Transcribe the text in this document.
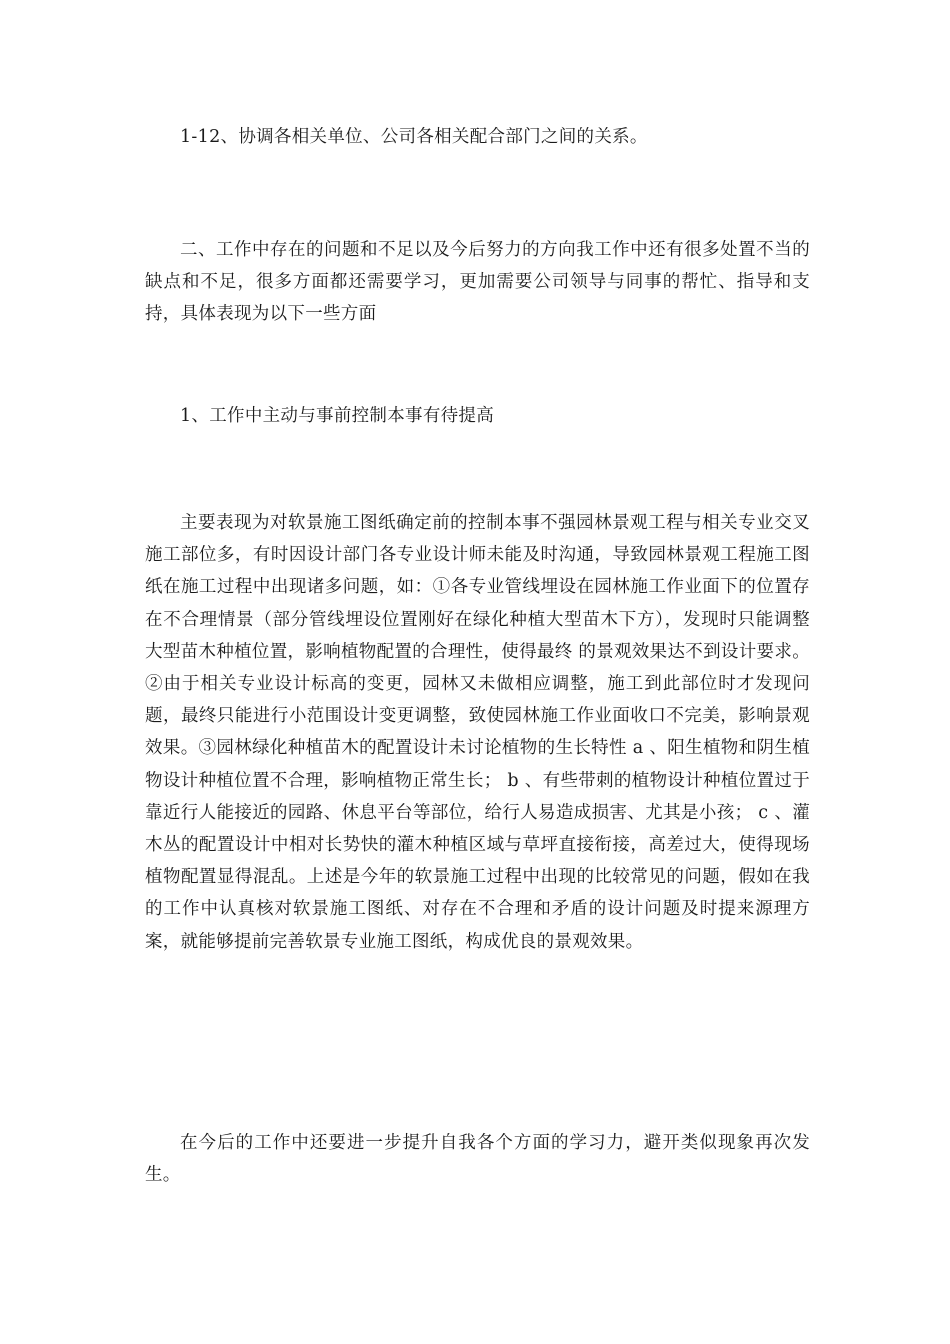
1-12、协调各相关单位、公司各相关配合部门之间的关系。

二、工作中存在的问题和不足以及今后努力的方向我工作中还有很多处置不当的缺点和不足，很多方面都还需要学习，更加需要公司领导与同事的帮忙、指导和支持，具体表现为以下一些方面

1、工作中主动与事前控制本事有待提高

主要表现为对软景施工图纸确定前的控制本事不强园林景观工程与相关专业交叉施工部位多，有时因设计部门各专业设计师未能及时沟通，导致园林景观工程施工图纸在施工过程中出现诸多问题，如：①各专业管线埋设在园林施工作业面下的位置存在不合理情景（部分管线埋设位置刚好在绿化种植大型苗木下方），发现时只能调整大型苗木种植位置，影响植物配置的合理性，使得最终 的景观效果达不到设计要求。②由于相关专业设计标高的变更，园林又未做相应调整，施工到此部位时才发现问题，最终只能进行小范围设计变更调整，致使园林施工作业面收口不完美，影响景观效果。③园林绿化种植苗木的配置设计未讨论植物的生长特性 a 、阳生植物和阴生植物设计种植位置不合理，影响植物正常生长； b 、有些带刺的植物设计种植位置过于靠近行人能接近的园路、休息平台等部位，给行人易造成损害、尤其是小孩； c 、灌木丛的配置设计中相对长势快的灌木种植区域与草坪直接衔接，高差过大，使得现场植物配置显得混乱。上述是今年的软景施工过程中出现的比较常见的问题，假如在我的工作中认真核对软景施工图纸、对存在不合理和矛盾的设计问题及时提来源理方案，就能够提前完善软景专业施工图纸，构成优良的景观效果。

在今后的工作中还要进一步提升自我各个方面的学习力，避开类似现象再次发生。
